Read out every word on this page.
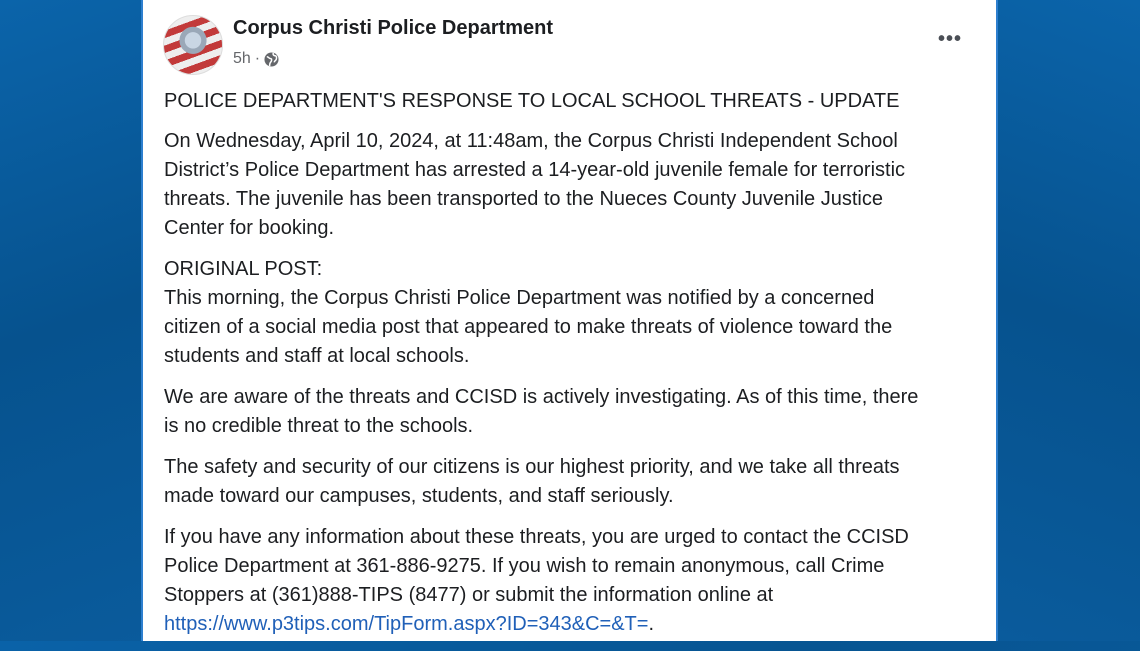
Corpus Christi Police Department
5h ·
•••

POLICE DEPARTMENT'S RESPONSE TO LOCAL SCHOOL THREATS - UPDATE

On Wednesday, April 10, 2024, at 11:48am, the Corpus Christi Independent School
District’s Police Department has arrested a 14-year-old juvenile female for terroristic
threats. The juvenile has been transported to the Nueces County Juvenile Justice
Center for booking.

ORIGINAL POST:
This morning, the Corpus Christi Police Department was notified by a concerned
citizen of a social media post that appeared to make threats of violence toward the
students and staff at local schools.

We are aware of the threats and CCISD is actively investigating. As of this time, there
is no credible threat to the schools.

The safety and security of our citizens is our highest priority, and we take all threats
made toward our campuses, students, and staff seriously.

If you have any information about these threats, you are urged to contact the CCISD
Police Department at 361-886-9275. If you wish to remain anonymous, call Crime
Stoppers at (361)888-TIPS (8477) or submit the information online at

https://www.p3tips.com/TipForm.aspx?ID=343&C=&T=.
